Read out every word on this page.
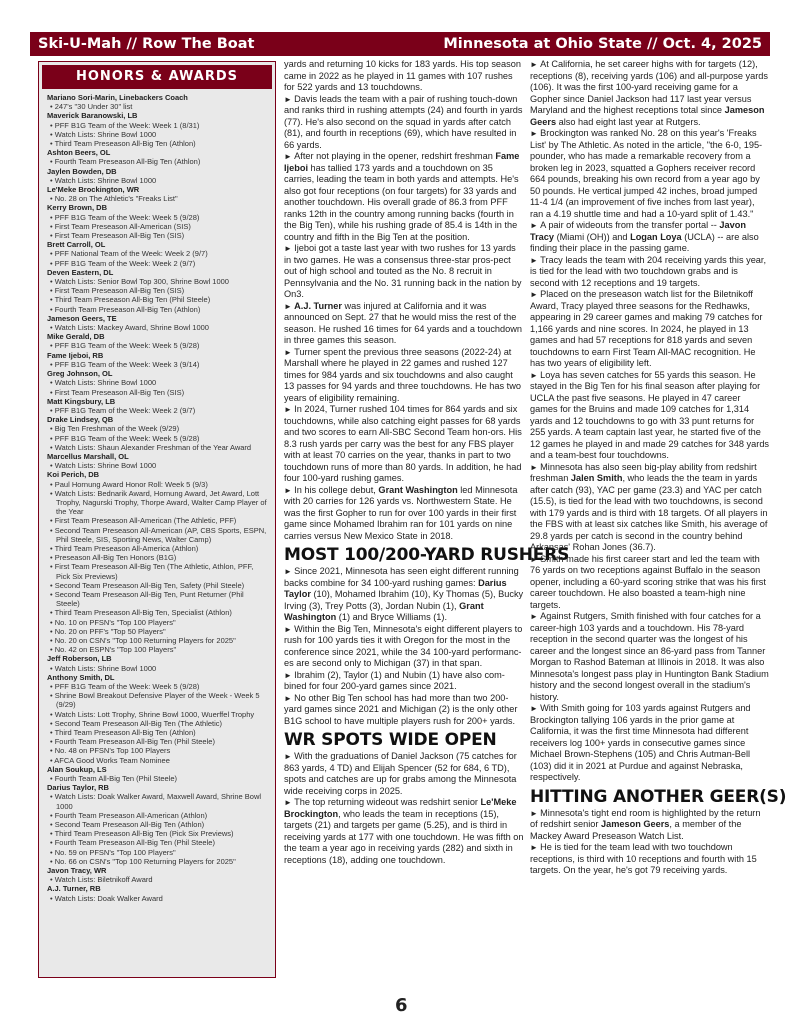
Ski-U-Mah // Row The Boat	Minnesota at Ohio State // Oct. 4, 2025
HONORS & AWARDS
Mariano Sori-Marin, Linebackers Coach
• 247's "30 Under 30" list
Maverick Baranowski, LB
• PFF B1G Team of the Week: Week 1 (8/31)
• Watch Lists: Shrine Bowl 1000
• Third Team Preseason All-Big Ten (Athlon)
Ashton Beers, OL
• Fourth Team Preseason All-Big Ten (Athlon)
Jaylen Bowden, DB
• Watch Lists: Shrine Bowl 1000
Le'Meke Brockington, WR
• No. 28 on The Athletic's "Freaks List"
Kerry Brown, DB
• PFF B1G Team of the Week: Week 5 (9/28)
• First Team Preseason All-American (SIS)
• First Team Preseason All-Big Ten (SIS)
Brett Carroll, OL
• PFF National Team of the Week: Week 2 (9/7)
• PFF B1G Team of the Week: Week 2 (9/7)
Deven Eastern, DL
• Watch Lists: Senior Bowl Top 300, Shrine Bowl 1000
• First Team Preseason All-Big Ten (SIS)
• Third Team Preseason All-Big Ten (Phil Steele)
• Fourth Team Preseason All-Big Ten (Athlon)
Jameson Geers, TE
• Watch Lists: Mackey Award, Shrine Bowl 1000
Mike Gerald, DB
• PFF B1G Team of the Week: Week 5 (9/28)
Fame Ijeboi, RB
• PFF B1G Team of the Week: Week 3 (9/14)
Greg Johnson, OL
• Watch Lists: Shrine Bowl 1000
• First Team Preseason All-Big Ten (SIS)
Matt Kingsbury, LB
• PFF B1G Team of the Week: Week 2 (9/7)
Drake Lindsey, QB
• Big Ten Freshman of the Week (9/29)
• PFF B1G Team of the Week: Week 5 (9/28)
• Watch Lists: Shaun Alexander Freshman of the Year Award
Marcellus Marshall, OL
• Watch Lists: Shrine Bowl 1000
Koi Perich, DB
• Paul Hornung Award Honor Roll: Week 5 (9/3)
• Watch Lists: Bednarik Award, Hornung Award, Jet Award, Lott Trophy, Nagurski Trophy, Thorpe Award, Walter Camp Player of the Year
• First Team Preseason All-American (The Athletic, PFF)
• Second Team Preseason All-American (AP, CBS Sports, ESPN, Phil Steele, SIS, Sporting News, Walter Camp)
• Third Team Preseason All-America (Athlon)
• Preseason All-Big Ten Honors (B1G)
• First Team Preseason All-Big Ten (The Athletic, Athlon, PFF, Pick Six Previews)
• Second Team Preseason All-Big Ten, Safety (Phil Steele)
• Second Team Preseason All-Big Ten, Punt Returner (Phil Steele)
• Third Team Preseason All-Big Ten, Specialist (Athlon)
• No. 10 on PFSN's "Top 100 Players"
• No. 20 on PFF's "Top 50 Players"
• No. 20 on CSN's "Top 100 Returning Players for 2025"
• No. 42 on ESPN's "Top 100 Players"
Jeff Roberson, LB
• Watch Lists: Shrine Bowl 1000
Anthony Smith, DL
• PFF B1G Team of the Week: Week 5 (9/28)
• Shrine Bowl Breakout Defensive Player of the Week - Week 5 (9/29)
• Watch Lists: Lott Trophy, Shrine Bowl 1000, Wuerffel Trophy
• Second Team Preseason All-Big Ten (The Athletic)
• Third Team Preseason All-Big Ten (Athlon)
• Fourth Team Preseason All-Big Ten (Phil Steele)
• No. 48 on PFSN's Top 100 Players
• AFCA Good Works Team Nominee
Alan Soukup, LS
• Fourth Team All-Big Ten (Phil Steele)
Darius Taylor, RB
• Watch Lists: Doak Walker Award, Maxwell Award, Shrine Bowl 1000
• Fourth Team Preseason All-American (Athlon)
• Second Team Preseason All-Big Ten (Athlon)
• Third Team Preseason All-Big Ten (Pick Six Previews)
• Fourth Team Preseason All-Big Ten (Phil Steele)
• No. 59 on PFSN's "Top 100 Players"
• No. 66 on CSN's "Top 100 Returning Players for 2025"
Javon Tracy, WR
• Watch Lists: Biletnikoff Award
A.J. Turner, RB
• Watch Lists: Doak Walker Award

yards and returning 10 kicks for 183 yards. His top season came in 2022 as he played in 11 games with 107 rushes for 522 yards and 13 touchdowns.

► Davis leads the team with a pair of rushing touch-down and ranks third in rushing attempts (24) and fourth in yards (77). He's also second on the squad in yards after catch (81), and fourth in receptions (69), which have resulted in 66 yards.

► After not playing in the opener, redshirt freshman Fame Ijeboi has tallied 173 yards and a touchdown on 35 carries, leading the team in both yards and attempts. He's also got four receptions (on four targets) for 33 yards and another touchdown. His overall grade of 86.3 from PFF ranks 12th in the country among running backs (fourth in the Big Ten), while his rushing grade of 85.4 is 14th in the country and fifth in the Big Ten at the position.

► Ijeboi got a taste last year with two rushes for 13 yards in two games. He was a consensus three-star pros-pect out of high school and touted as the No. 8 recruit in Pennsylvania and the No. 31 running back in the nation by On3.

► A.J. Turner was injured at California and it was announced on Sept. 27 that he would miss the rest of the season. He rushed 16 times for 64 yards and a touchdown in three games this season.

► Turner spent the previous three seasons (2022-24) at Marshall where he played in 22 games and rushed 127 times for 984 yards and six touchdowns and also caught 13 passes for 94 yards and three touchdowns. He has two years of eligibility remaining.

► In 2024, Turner rushed 104 times for 864 yards and six touchdowns, while also catching eight passes for 68 yards and two scores to earn All-SBC Second Team hon-ors. His 8.3 rush yards per carry was the best for any FBS player with at least 70 carries on the year, thanks in part to two touchdown runs of more than 80 yards. In addition, he had four 100-yard rushing games.

► In his college debut, Grant Washington led Minnesota with 20 carries for 126 yards vs. Northwestern State. He was the first Gopher to run for over 100 yards in their first game since Mohamed Ibrahim ran for 101 yards on nine carries versus New Mexico State in 2018.

MOST 100/200-YARD RUSHERS

► Since 2021, Minnesota has seen eight different running backs combine for 34 100-yard rushing games: Darius Taylor (10), Mohamed Ibrahim (10), Ky Thomas (5), Bucky Irving (3), Trey Potts (3), Jordan Nubin (1), Grant Washington (1) and Bryce Williams (1).

► Within the Big Ten, Minnesota's eight different players to rush for 100 yards ties it with Oregon for the most in the conference since 2021, while the 34 100-yard performanc-es are second only to Michigan (37) in that span.

► Ibrahim (2), Taylor (1) and Nubin (1) have also com-bined for four 200-yard games since 2021.

► No other Big Ten school has had more than two 200-yard games since 2021 and Michigan (2) is the only other B1G school to have multiple players rush for 200+ yards.

WR SPOTS WIDE OPEN

► With the graduations of Daniel Jackson (75 catches for 863 yards, 4 TD) and Elijah Spencer (52 for 684, 6 TD), spots and catches are up for grabs among the Minnesota wide receiving corps in 2025.

► The top returning wideout was redshirt senior Le'Meke Brockington, who leads the team in receptions (15), targets (21) and targets per game (5.25), and is third in receiving yards at 177 with one touchdown. He was fifth on the team a year ago in receiving yards (282) and sixth in receptions (18), adding one touchdown.

► At California, he set career highs with for targets (12), receptions (8), receiving yards (106) and all-purpose yards (106). It was the first 100-yard receiving game for a Gopher since Daniel Jackson had 117 last year versus Maryland and the highest receptions total since Jameson Geers also had eight last year at Rutgers.

► Brockington was ranked No. 28 on this year's 'Freaks List' by The Athletic. As noted in the article, "the 6-0, 195-pounder, who has made a remarkable recovery from a broken leg in 2023, squatted a Gophers receiver record 664 pounds, breaking his own record from a year ago by 50 pounds. He vertical jumped 42 inches, broad jumped 11-4 1/4 (an improvement of five inches from last year), ran a 4.19 shuttle time and had a 10-yard split of 1.43."

► A pair of wideouts from the transfer portal -- Javon Tracy (Miami (OH)) and Logan Loya (UCLA) -- are also finding their place in the passing game.

► Tracy leads the team with 204 receiving yards this year, is tied for the lead with two touchdown grabs and is second with 12 receptions and 19 targets.

► Placed on the preseason watch list for the Biletnikoff Award, Tracy played three seasons for the Redhawks, appearing in 29 career games and making 79 catches for 1,166 yards and nine scores. In 2024, he played in 13 games and had 57 receptions for 818 yards and seven touchdowns to earn First Team All-MAC recognition. He has two years of eligibility left.

► Loya has seven catches for 55 yards this season. He stayed in the Big Ten for his final season after playing for UCLA the past five seasons. He played in 47 career games for the Bruins and made 109 catches for 1,314 yards and 12 touchdowns to go with 33 punt returns for 255 yards. A team captain last year, he started five of the 12 games he played in and made 29 catches for 348 yards and a team-best four touchdowns.

► Minnesota has also seen big-play ability from redshirt freshman Jalen Smith, who leads the the team in yards after catch (93), YAC per game (23.3) and YAC per catch (15.5), is tied for the lead with two touchdowns, is second with 179 yards and is third with 18 targets. Of all players in the FBS with at least six catches like Smith, his average of 29.8 yards per catch is second in the country behind Arkansas' Rohan Jones (36.7).

► Smith made his first career start and led the team with 76 yards on two receptions against Buffalo in the season opener, including a 60-yard scoring strike that was his first career touchdown. He also boasted a team-high nine targets.

► Against Rutgers, Smith finished with four catches for a career-high 103 yards and a touchdown. His 78-yard reception in the second quarter was the longest of his career and the longest since an 86-yard pass from Tanner Morgan to Rashod Bateman at Illinois in 2018. It was also Minnesota's longest pass play in Huntington Bank Stadium history and the second longest overall in the stadium's history.

► With Smith going for 103 yards against Rutgers and Brockington tallying 106 yards in the prior game at California, it was the first time Minnesota had different receivers log 100+ yards in consecutive games since Michael Brown-Stephens (105) and Chris Autman-Bell (103) did it in 2021 at Purdue and against Nebraska, respectively.

HITTING ANOTHER GEER(S)

► Minnesota's tight end room is highlighted by the return of redshirt senior Jameson Geers, a member of the Mackey Award Preseason Watch List.

► He is tied for the team lead with two touchdown receptions, is third with 10 receptions and fourth with 15 targets. On the year, he's got 79 receiving yards.

6
